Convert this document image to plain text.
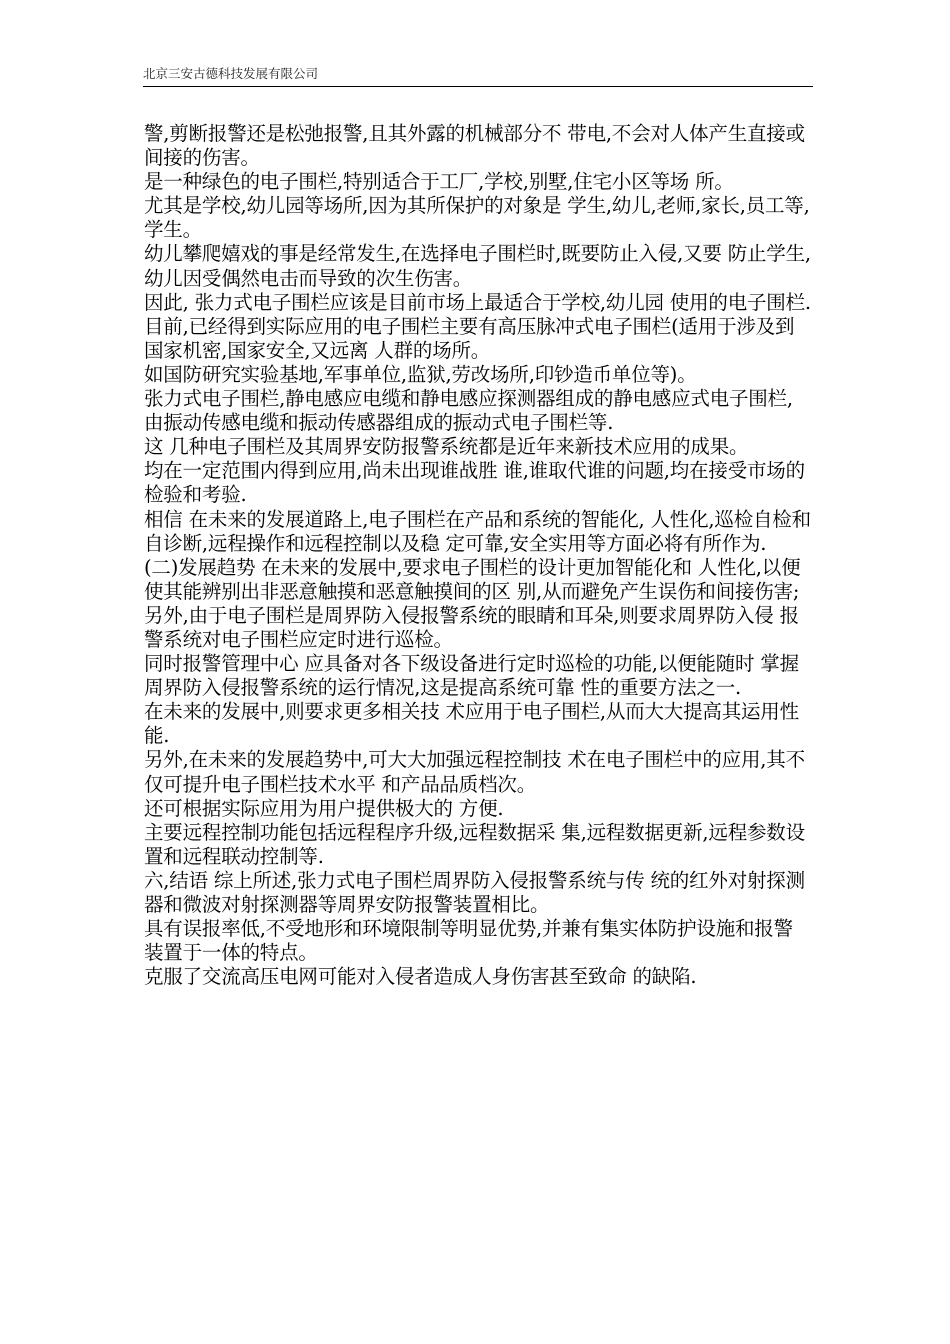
北京三安古德科技发展有限公司

警,剪断报警还是松弛报警,且其外露的机械部分不 带电,不会对人体产生直接或间接的伤害。

是一种绿色的电子围栏,特别适合于工厂,学校,别墅,住宅小区等场 所。

尤其是学校,幼儿园等场所,因为其所保护的对象是 学生,幼儿,老师,家长,员工等,学生。

幼儿攀爬嬉戏的事是经常发生,在选择电子围栏时,既要防止入侵,又要 防止学生,幼儿因受偶然电击而导致的次生伤害。

因此, 张力式电子围栏应该是目前市场上最适合于学校,幼儿园 使用的电子围栏.

目前,已经得到实际应用的电子围栏主要有高压脉冲式电子围栏(适用于涉及到国家机密,国家安全,又远离 人群的场所。

如国防研究实验基地,军事单位,监狱,劳改场所,印钞造币单位等)。

张力式电子围栏,静电感应电缆和静电感应探测器组成的静电感应式电子围栏,由振动传感电缆和振动传感器组成的振动式电子围栏等.

这 几种电子围栏及其周界安防报警系统都是近年来新技术应用的成果。

均在一定范围内得到应用,尚未出现谁战胜 谁,谁取代谁的问题,均在接受市场的检验和考验.

相信 在未来的发展道路上,电子围栏在产品和系统的智能化, 人性化,巡检自检和自诊断,远程操作和远程控制以及稳 定可靠,安全实用等方面必将有所作为.

(二)发展趋势 在未来的发展中,要求电子围栏的设计更加智能化和 人性化,以便使其能辨别出非恶意触摸和恶意触摸间的区 别,从而避免产生误伤和间接伤害;

另外,由于电子围栏是周界防入侵报警系统的眼睛和耳朵,则要求周界防入侵 报警系统对电子围栏应定时进行巡检。

同时报警管理中心 应具备对各下级设备进行定时巡检的功能,以便能随时 掌握周界防入侵报警系统的运行情况,这是提高系统可靠 性的重要方法之一.

在未来的发展中,则要求更多相关技 术应用于电子围栏,从而大大提高其运用性能.

另外,在未来的发展趋势中,可大大加强远程控制技 术在电子围栏中的应用,其不仅可提升电子围栏技术水平 和产品品质档次。

还可根据实际应用为用户提供极大的 方便.

主要远程控制功能包括远程程序升级,远程数据采 集,远程数据更新,远程参数设置和远程联动控制等.

六,结语 综上所述,张力式电子围栏周界防入侵报警系统与传 统的红外对射探测器和微波对射探测器等周界安防报警装置相比。

具有误报率低,不受地形和环境限制等明显优势,并兼有集实体防护设施和报警装置于一体的特点。

克服了交流高压电网可能对入侵者造成人身伤害甚至致命 的缺陷.
